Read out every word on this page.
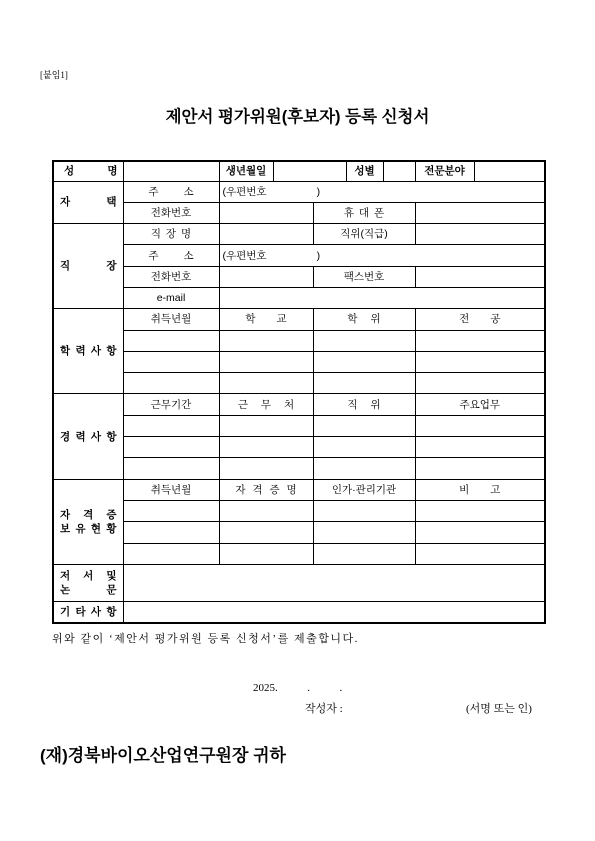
[붙임1]
제안서 평가위원(후보자) 등록 신청서
성 명		생년월일			성별		전문분야	
자 택	주 소	(우편번호 )						
	전화번호			휴 대 폰				
직 장	직 장 명			직위(직급)				
	주 소	(우편번호 )						
	전화번호			팩스번호				
	e-mail							
학 력 사 항	취득년월	학 교		학 위			전 공	

경 력 사 항	근무기간	근 무 처		직 위			주요업무	

자 격 증
보 유 현 황	취득년월	자 격 증 명		인가·관리기관			비 고	

저 서 및
논 문								

기 타 사 항								
위와 같이 ‘제안서 평가위원 등록 신청서’를 제출합니다.
2025.  .  .
작성자 :	(서명 또는 인)
(재)경북바이오산업연구원장 귀하
